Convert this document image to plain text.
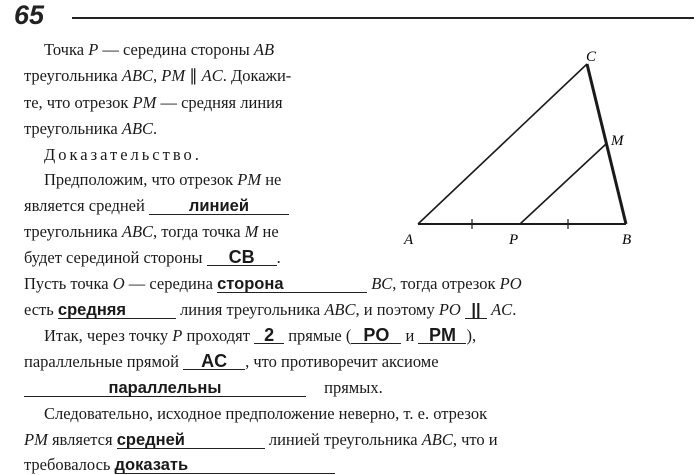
65
A	B
C
M
P
Точка P — середина стороны AB
треугольника ABC, PM ∥ AC. Докажи-
те, что отрезок PM — средняя линия
треугольника ABC.
Доказательство.
Предположим, что отрезок PM не
является средней линией
треугольника ABC, тогда точка M не
будет серединой стороны CB .
Пусть точка O — середина сторона	BC, тогда отрезок PO
есть средняя	линия треугольника ABC, и поэтому PO || AC.
Итак, через точку P проходят 2 прямые ( PO и PM ),
параллельные прямой AC , что противоречит аксиоме
параллельны	прямых.
Следовательно, исходное предположение неверно, т. е. отрезок
PM является средней	линией треугольника ABC, что и
требовалось доказать
